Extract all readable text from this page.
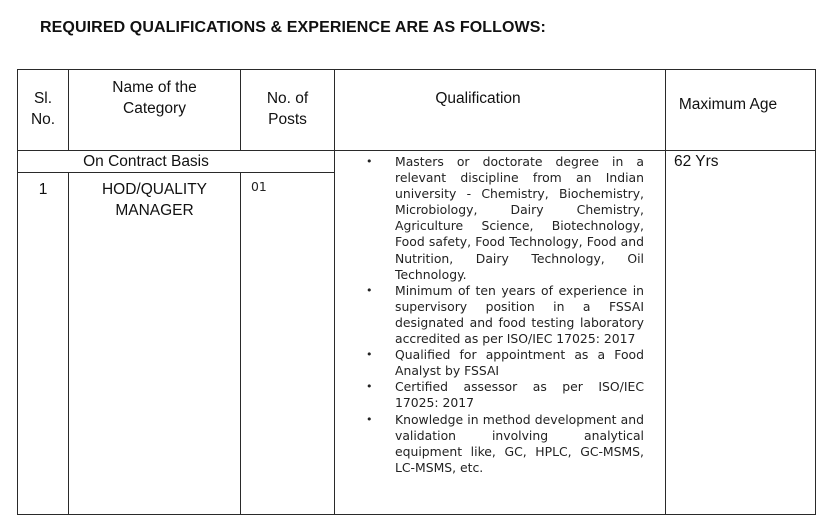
REQUIRED QUALIFICATIONS & EXPERIENCE ARE AS FOLLOWS:
Sl.
No.
Name of the
Category
No. of
Posts
Qualification	Maximum Age
On Contract Basis
1	HOD/QUALITY
MANAGER
01
62 Yrs
• Masters or doctorate degree in a relevant discipline from an Indian university - Chemistry, Biochemistry, Microbiology, Dairy Chemistry, Agriculture Science, Biotechnology, Food safety, Food Technology, Food and Nutrition, Dairy Technology, Oil Technology.
• Minimum of ten years of experience in supervisory position in a FSSAI designated and food testing laboratory accredited as per ISO/IEC 17025: 2017
• Qualified for appointment as a Food Analyst by FSSAI
• Certified assessor as per ISO/IEC 17025: 2017
• Knowledge in method development and validation involving analytical equipment like, GC, HPLC, GC-MSMS, LC-MSMS, etc.
